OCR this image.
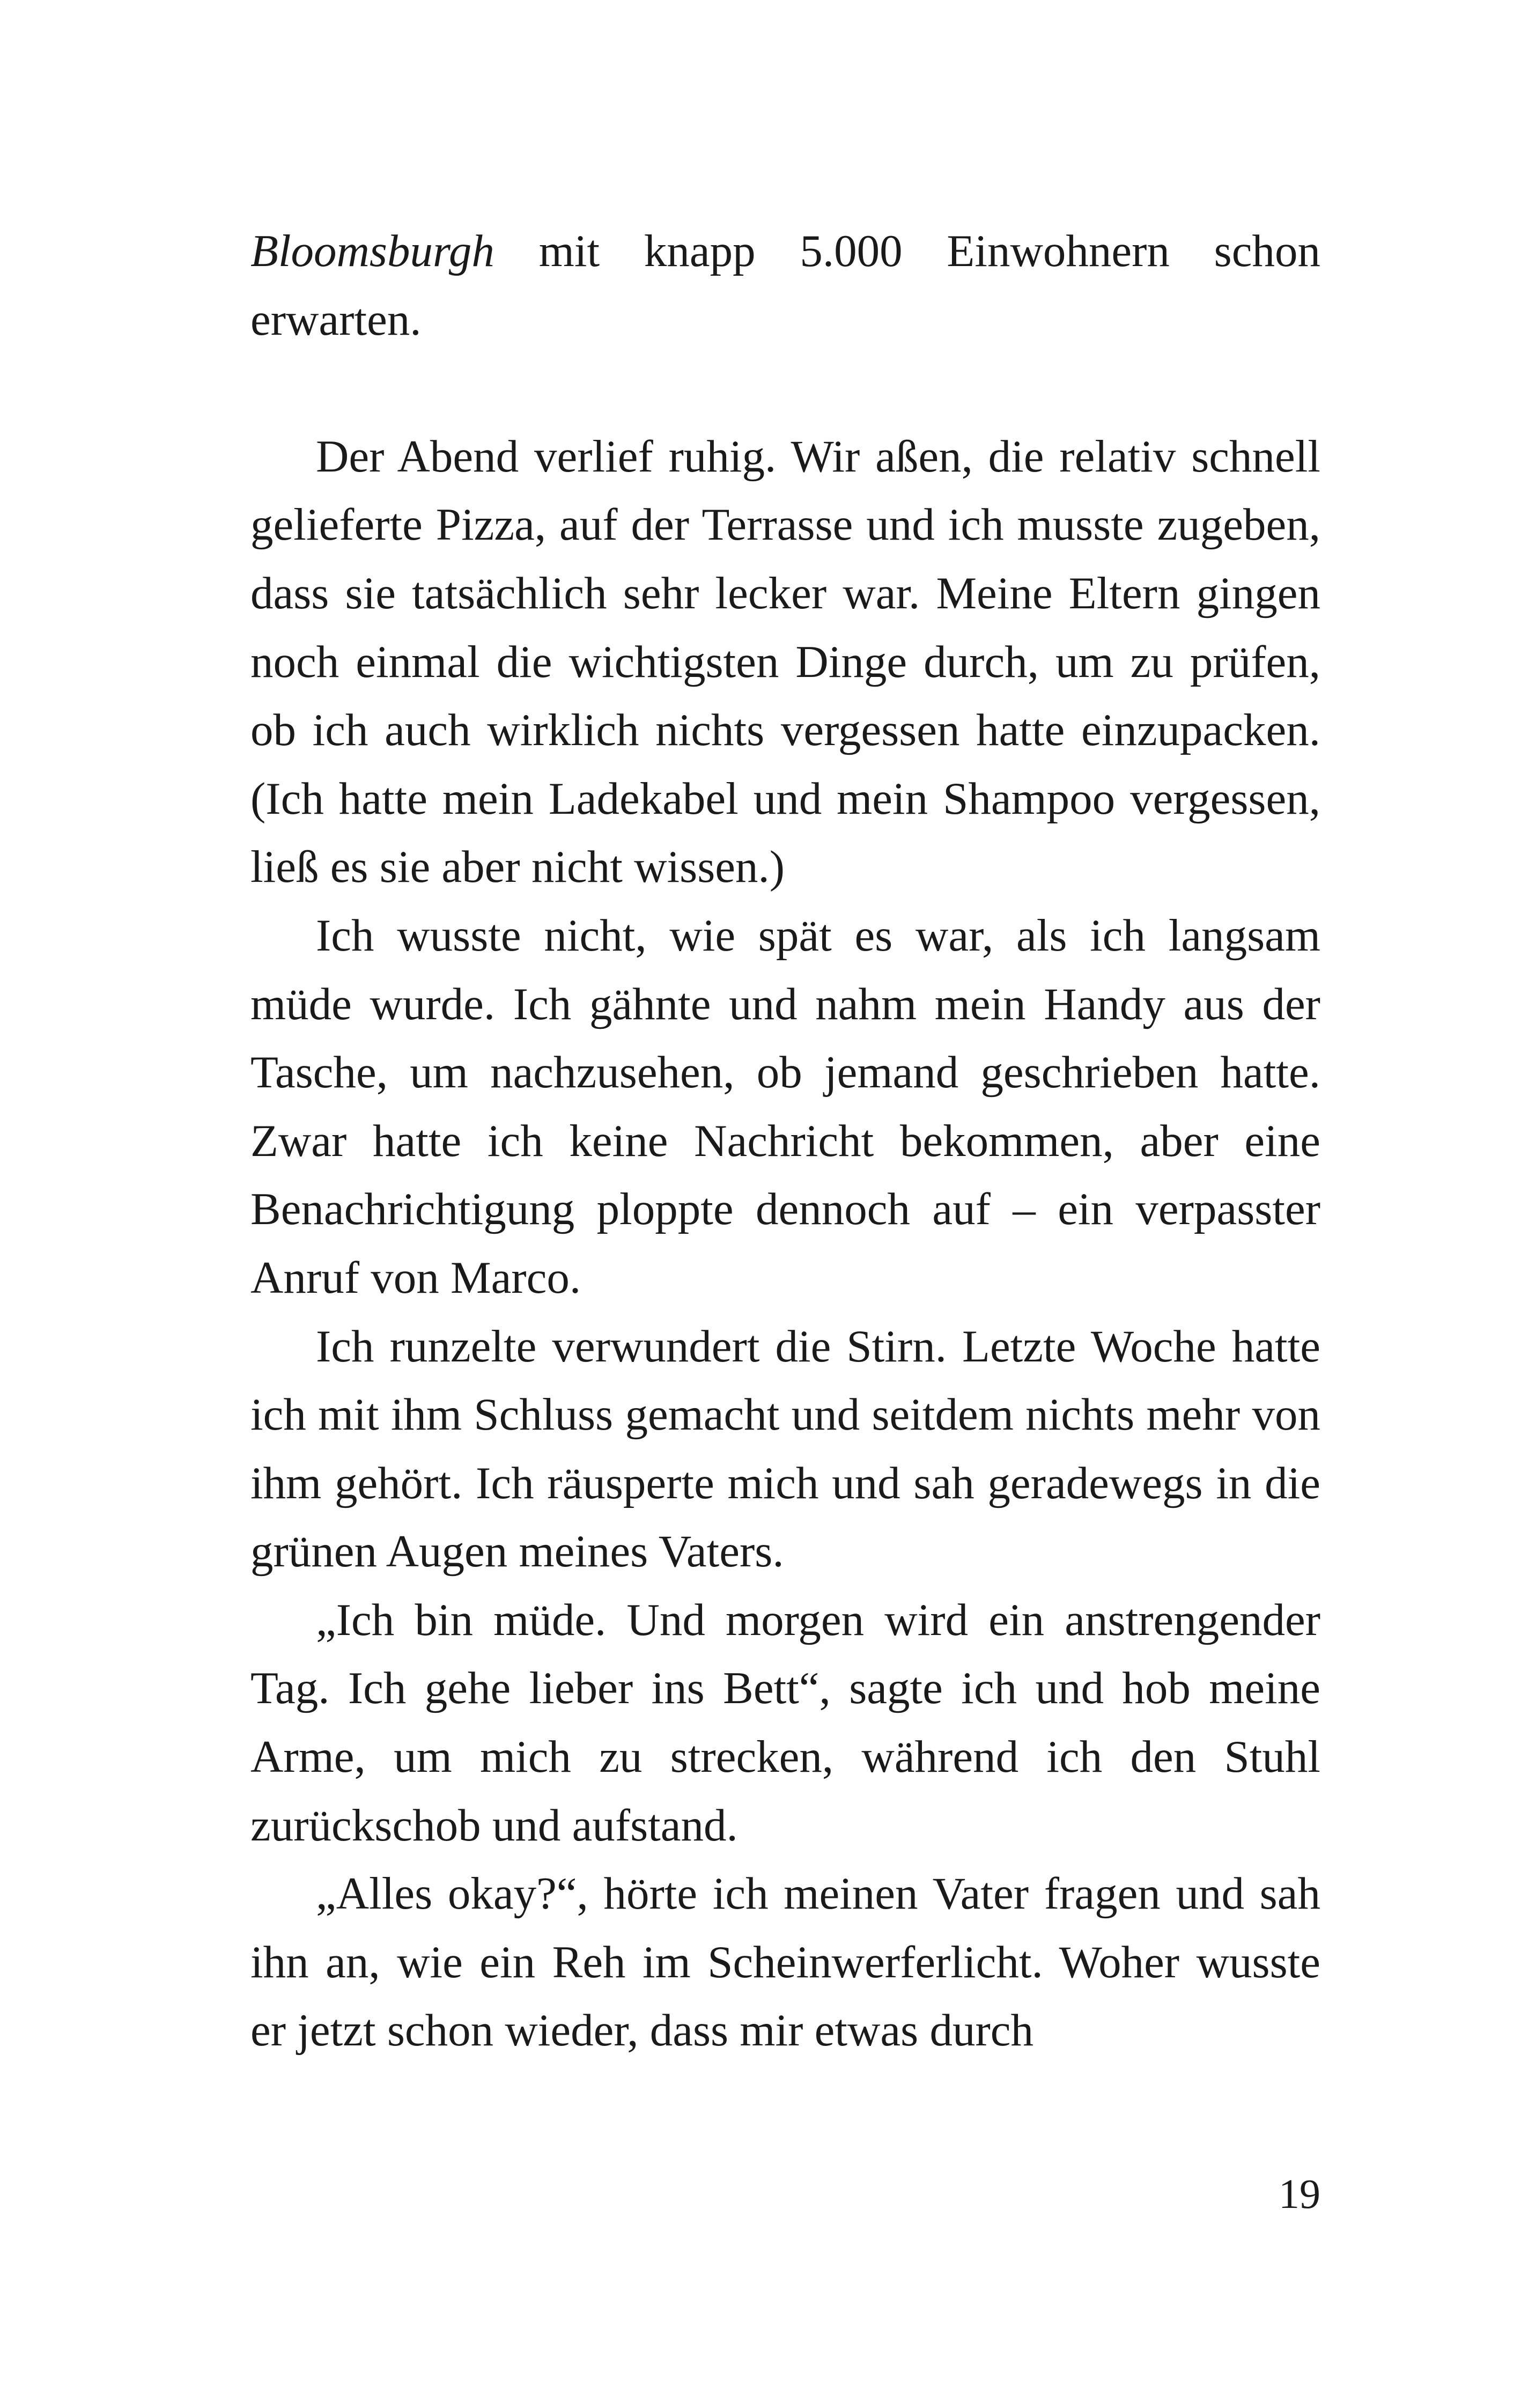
Bloomsburgh mit knapp 5.000 Einwohnern schon erwarten.

Der Abend verlief ruhig. Wir aßen, die relativ schnell gelieferte Pizza, auf der Terrasse und ich musste zugeben, dass sie tatsächlich sehr lecker war. Meine Eltern gingen noch einmal die wichtigsten Dinge durch, um zu prüfen, ob ich auch wirklich nichts vergessen hatte einzupacken. (Ich hatte mein Ladekabel und mein Shampoo vergessen, ließ es sie aber nicht wissen.)

Ich wusste nicht, wie spät es war, als ich langsam müde wurde. Ich gähnte und nahm mein Handy aus der Tasche, um nachzusehen, ob jemand geschrieben hatte. Zwar hatte ich keine Nachricht bekommen, aber eine Benachrichtigung ploppte dennoch auf – ein verpasster Anruf von Marco.

Ich runzelte verwundert die Stirn. Letzte Woche hatte ich mit ihm Schluss gemacht und seitdem nichts mehr von ihm gehört. Ich räusperte mich und sah geradewegs in die grünen Augen meines Vaters.

„Ich bin müde. Und morgen wird ein anstrengender Tag. Ich gehe lieber ins Bett“, sagte ich und hob meine Arme, um mich zu strecken, während ich den Stuhl zurückschob und aufstand.

„Alles okay?“, hörte ich meinen Vater fragen und sah ihn an, wie ein Reh im Scheinwerferlicht. Woher wusste er jetzt schon wieder, dass mir etwas durch

19
